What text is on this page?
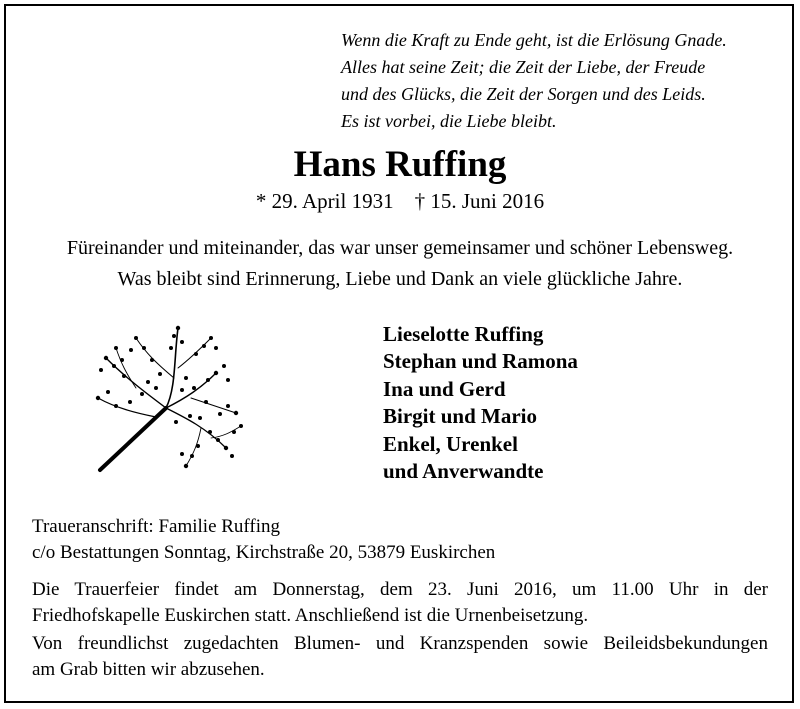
Wenn die Kraft zu Ende geht, ist die Erlösung Gnade.
Alles hat seine Zeit; die Zeit der Liebe, der Freude
und des Glücks, die Zeit der Sorgen und des Leids.
Es ist vorbei, die Liebe bleibt.
Hans Ruffing
* 29. April 1931    † 15. Juni 2016
Füreinander und miteinander, das war unser gemeinsamer und schöner Lebensweg.
Was bleibt sind Erinnerung, Liebe und Dank an viele glückliche Jahre.
Lieselotte Ruffing
Stephan und Ramona
Ina und Gerd
Birgit und Mario
Enkel, Urenkel
und Anverwandte
Traueranschrift: Familie Ruffing
c/o Bestattungen Sonntag, Kirchstraße 20, 53879 Euskirchen
Die Trauerfeier findet am Donnerstag, dem 23. Juni 2016, um 11.00 Uhr in der
Friedhofskapelle Euskirchen statt. Anschließend ist die Urnenbeisetzung.
Von freundlichst zugedachten Blumen- und Kranzspenden sowie Beileidsbekundungen
am Grab bitten wir abzusehen.
